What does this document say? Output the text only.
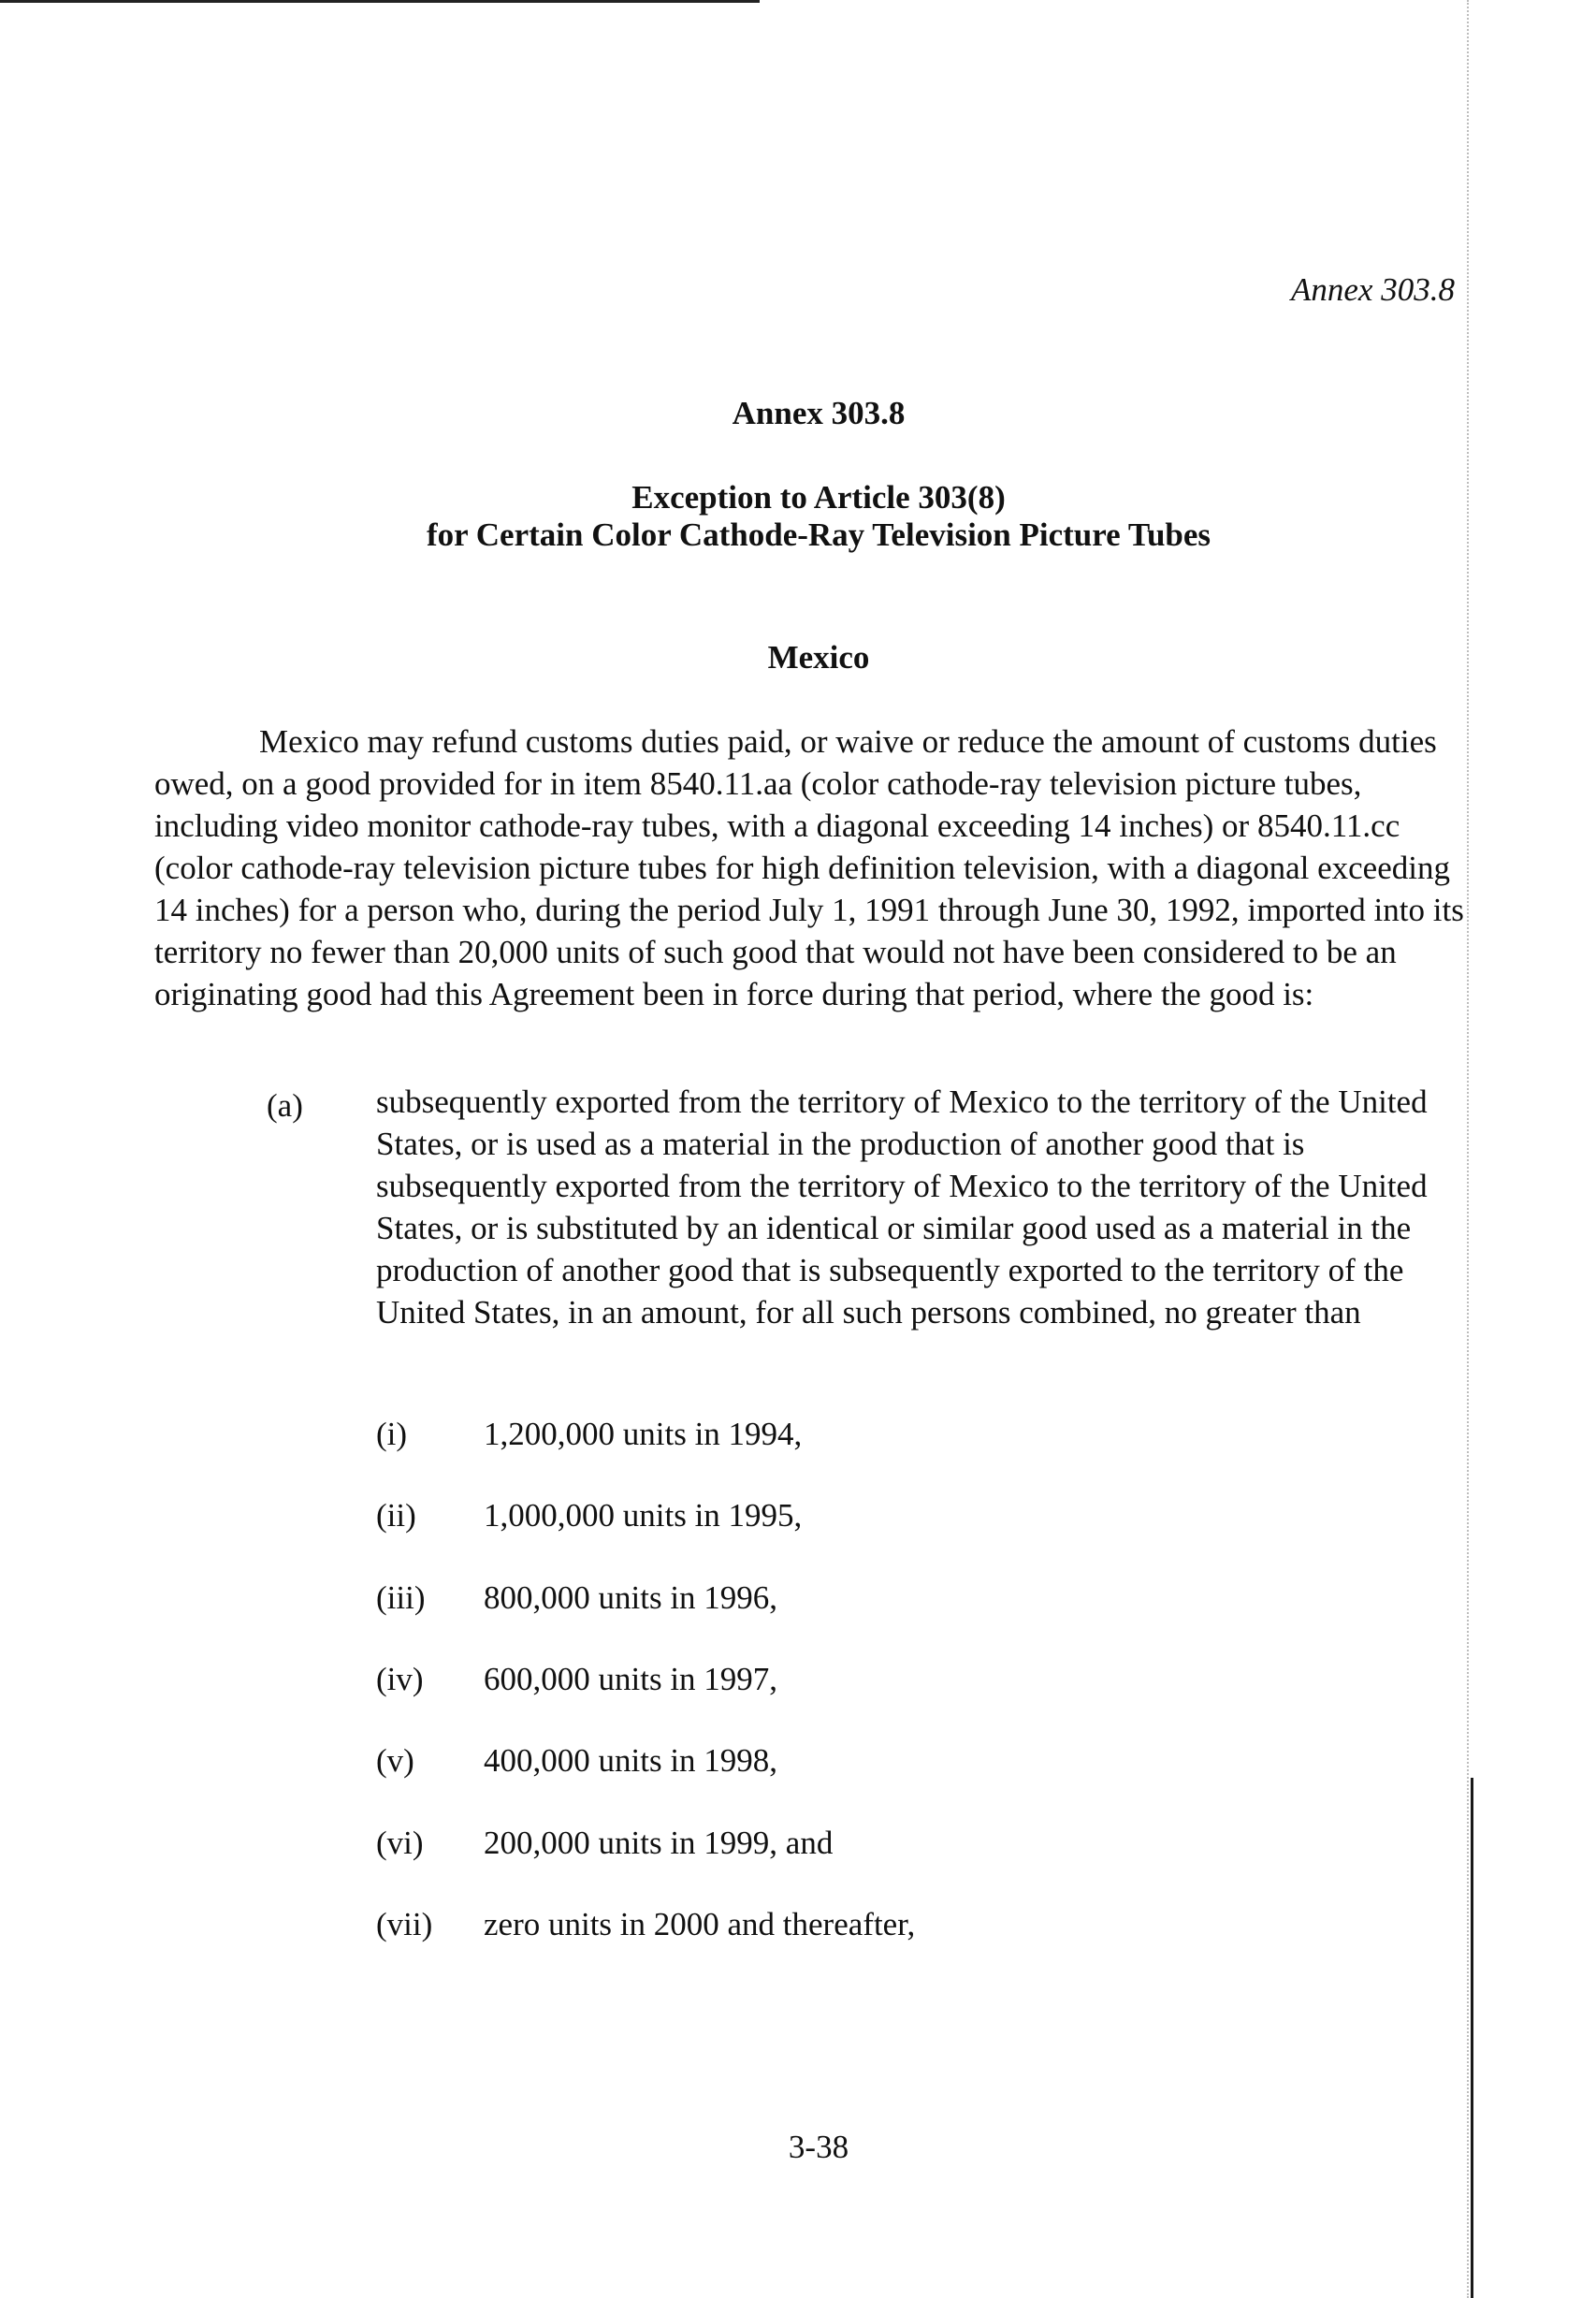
Annex 303.8
Annex 303.8
Exception to Article 303(8)
for Certain Color Cathode-Ray Television Picture Tubes
Mexico
Mexico may refund customs duties paid, or waive or reduce the amount of customs duties owed, on a good provided for in item 8540.11.aa (color cathode-ray television picture tubes, including video monitor cathode-ray tubes, with a diagonal exceeding 14 inches) or 8540.11.cc (color cathode-ray television picture tubes for high definition television, with a diagonal exceeding 14 inches) for a person who, during the period July 1, 1991 through June 30, 1992, imported into its territory no fewer than 20,000 units of such good that would not have been considered to be an originating good had this Agreement been in force during that period, where the good is:
(a) subsequently exported from the territory of Mexico to the territory of the United States, or is used as a material in the production of another good that is subsequently exported from the territory of Mexico to the territory of the United States, or is substituted by an identical or similar good used as a material in the production of another good that is subsequently exported to the territory of the United States, in an amount, for all such persons combined, no greater than
(i) 1,200,000 units in 1994,
(ii) 1,000,000 units in 1995,
(iii) 800,000 units in 1996,
(iv) 600,000 units in 1997,
(v) 400,000 units in 1998,
(vi) 200,000 units in 1999, and
(vii) zero units in 2000 and thereafter,
3-38
